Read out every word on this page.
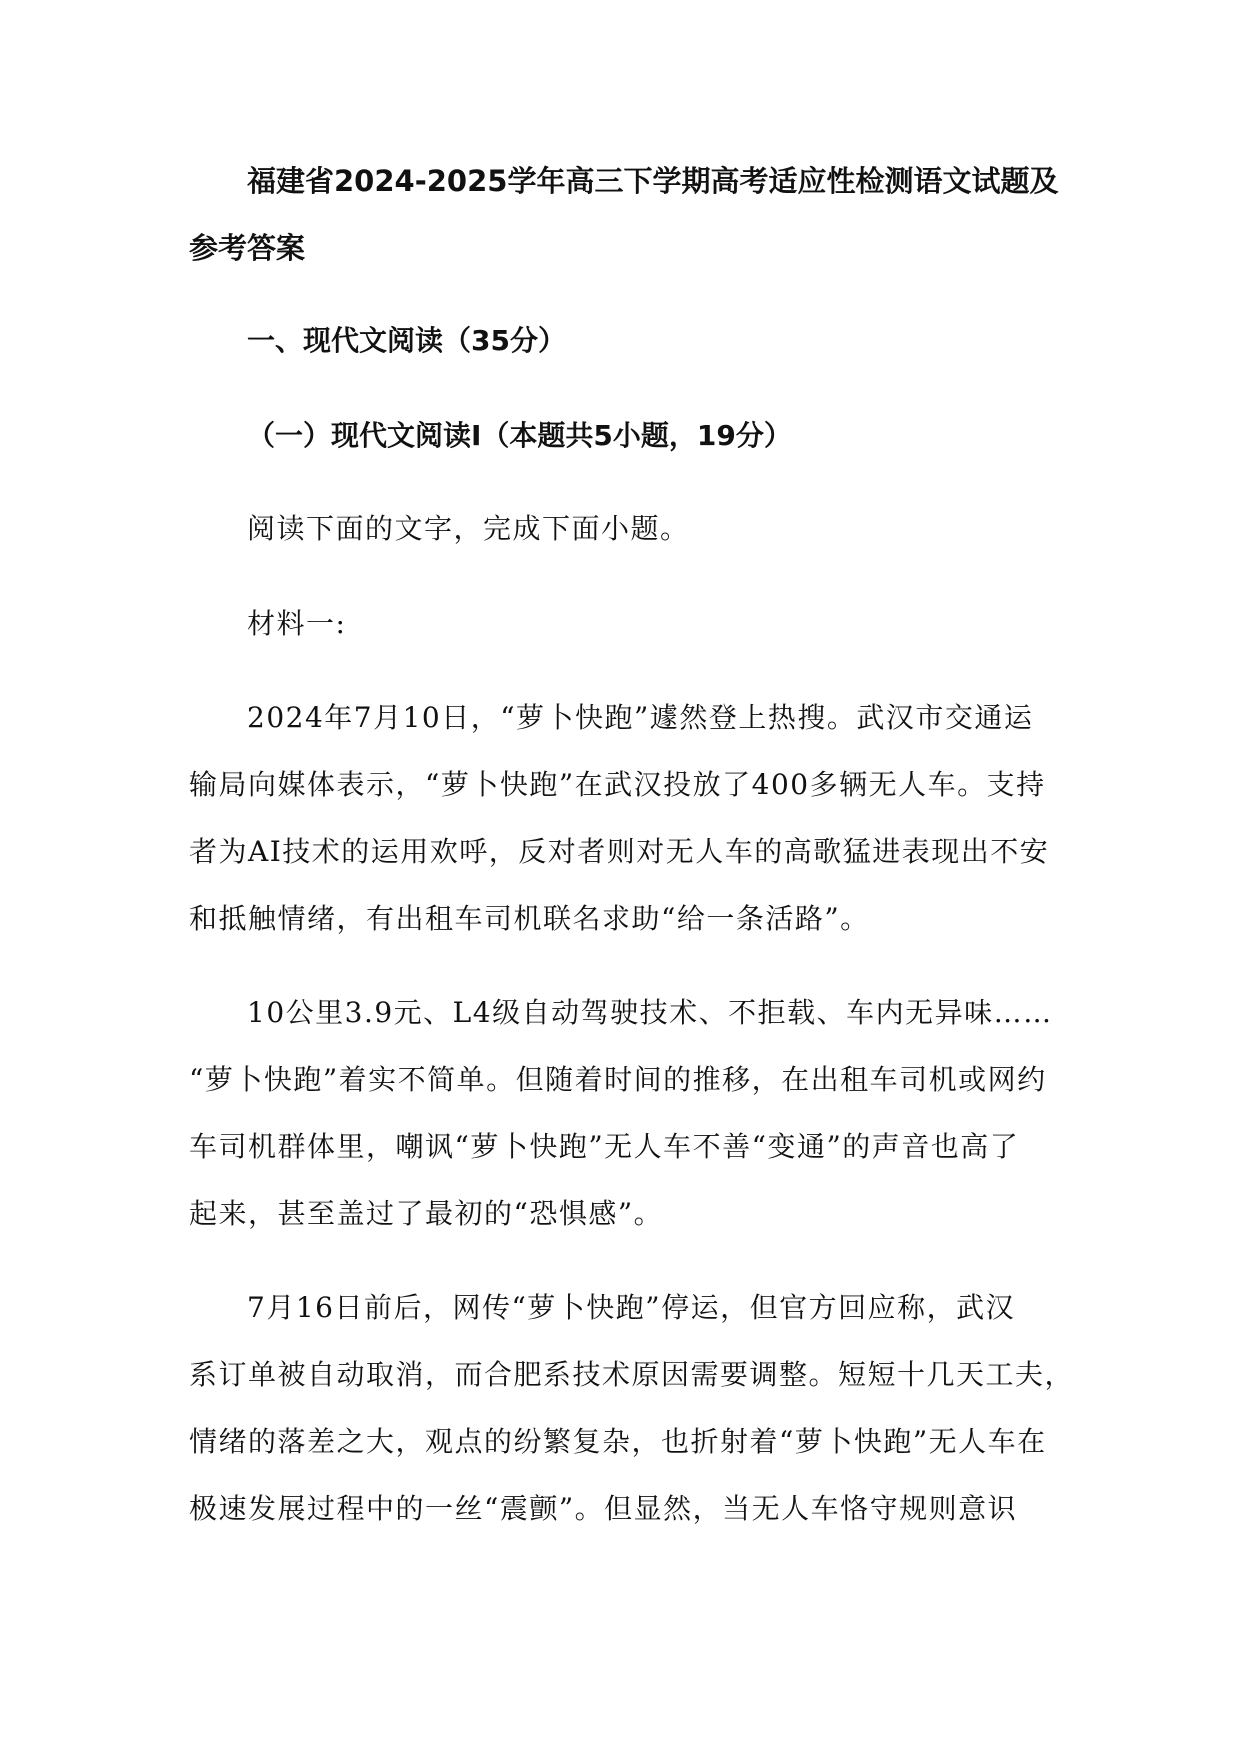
福建省2024-2025学年高三下学期高考适应性检测语文试题及
参考答案
一、现代文阅读（35分）
（一）现代文阅读Ⅰ（本题共5小题，19分）
阅读下面的文字，完成下面小题。
材料一:
2024年7月10日，“萝卜快跑”遽然登上热搜。武汉市交通运
输局向媒体表示，“萝卜快跑”在武汉投放了400多辆无人车。支持
者为AI技术的运用欢呼，反对者则对无人车的高歌猛进表现出不安
和抵触情绪，有出租车司机联名求助“给一条活路”。
10公里3.9元、L4级自动驾驶技术、不拒载、车内无异味……
“萝卜快跑”着实不简单。但随着时间的推移，在出租车司机或网约
车司机群体里，嘲讽“萝卜快跑”无人车不善“变通”的声音也高了
起来，甚至盖过了最初的“恐惧感”。
7月16日前后，网传“萝卜快跑”停运，但官方回应称，武汉
系订单被自动取消，而合肥系技术原因需要调整。短短十几天工夫，
情绪的落差之大，观点的纷繁复杂，也折射着“萝卜快跑”无人车在
极速发展过程中的一丝“震颤”。但显然，当无人车恪守规则意识
